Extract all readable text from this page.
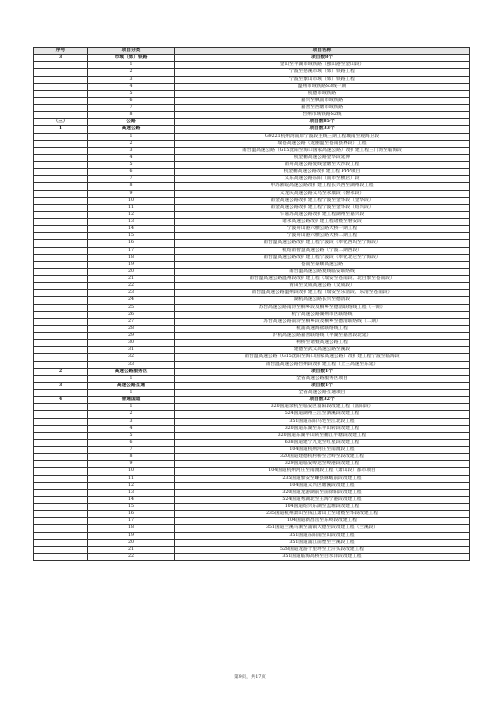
序号	项目分类	项目名称
3	市域（郊）铁路	项目数8个
	1	金山至平湖市域铁路（独山港至金山段）
	2	宁波至慈溪市域（郊）铁路工程
	3	宁波至象山市域（郊）铁路工程
	4	温州市域铁路S3线一期
	5	杭德市域铁路
	6	嘉兴至枫南市域铁路
	7	嘉善至西塘市域铁路
	8	台州市域铁路S2线
（三）	公路	项目数85个
1	高速公路	项目数33个
	1	G9221杭州湾南岸宁波段主线三期工程城南至观海卫段
	2	瑞苍高速公路（龙丽温至苍南县界段）工程
	3	甬台温高速公路（G15沈阳至海口国家高速公路）改扩建工程三门湾至临海段
	4	杭金衢高速公路金华段延伸
	5	甬舟高速公路复线金塘至大沙段工程
	6	杭金衢高速公路改扩建工程 PPP项目
	7	义东高速公路东阳（南市至横店）段
	8	申苏浙皖高速公路改扩建工程长兴西至湖州段工程
	9	义龙庆高速公路义乌至永康段（磐永段）
	10	甬金高速公路改扩建工程宁波至金华段（金华段）
	11	甬金高速公路改扩建工程宁波至金华段（绍兴段）
	12	乍嘉苏高速公路改扩建工程湖州至嘉兴段
	13	诸永高速公路改扩建工程诸暨至磐安段
	14	宁波舟山港六横公路大桥一期工程
	15	宁波舟山港六横公路大桥二期工程
	16	甬台温高速公路改扩建工程宁波段（奉化西坞至宁海段）
	17	杭绍甬智慧高速公路（宁波二期西段）
	18	甬台温高速公路改扩建工程宁波段（奉化北仑至宁海段）
	19	苍南至泰顺高速公路
	20	甬台温高速公路复线临安联络线
	21	甬台温高速公路温州段改扩建工程（瑞安至苍南段、北白象至苍南段）
	22	青田至文成高速公路（文成段）
	23	甬台温高速公路温州段改扩建工程（瑞安至乐清段、乐清至苍南段）
	24	湖杭高速公路长兴至德清段
	25	苏台高速公路南浔至桐乡段及桐乡至德清联络线工程（一期）
	26	杭宁高速公路湖州市区联络线
	27	苏台高速公路南浔至桐乡段及桐乡至德清联络线（二期）
	28	杭浦高速海盐联络线工程
	29	沪杭高速公路嘉善联络线（平湖至嘉善段北延）
	30	柯桥至诸暨高速公路工程
	31	建德至武义高速公路至溪段
	32	甬台温高速公路（G15沈阳至海口国家高速公路）改扩建工程宁波至临海段
	33	甬台温高速公路台州段改扩建工程（上三高速至东延）
2	高速公路服务区	项目数1个
	1	全省高速公路服务区项目
3	高速公路互通	项目数1个
	1	全省高速公路互通项目
4	普通国道	项目数32个
	1	320国道余杭至临安区富阳段改建工程（富阳段）
	2	524国道湖州三江至泗溪段改建工程
	3	351国道东阳马宅至江北段工程
	4	320国道东湖至东平山转段改建工程
	5	320国道东湖平山转至衢江平塘段改建工程
	6	638国道建宁九龙至红星段改建工程
	7	104国道杭州河庄至南渡段工程
	8	320国道建德杭村桥至合岭至段改建工程
	9	329国道临安岭达至岭港段改建工程
	10	104国道杭州河庄至南渡段工程（萧山段）都市项目
	11	235国道象安至嵊县麻畈前段改建工程
	12	104国道义兴区塘溪段改建工程
	13	320国道龙游湖前至前徐阳段改建工程
	14	524国道秀湖北至王海宁港段改建工程
	15	104国道绍兴东湖至孟堰段改建工程
	16	235国道杭州萧山至钱江萧山上至诸暨至华段改建工程
	17	104国道新昌岳至东岭段改建工程
	18	351国道兰溪马涧至浦镇大德至段改建工程（兰溪段）
	19	351国道东阳南至山段改建工程
	20	351国道浦江前塑至兰溪段工程
	21	528国道龙游十里坪至上汗头段改建工程
	22	351国道临海高桥至白水洋段改建工程
第9页，共17页
